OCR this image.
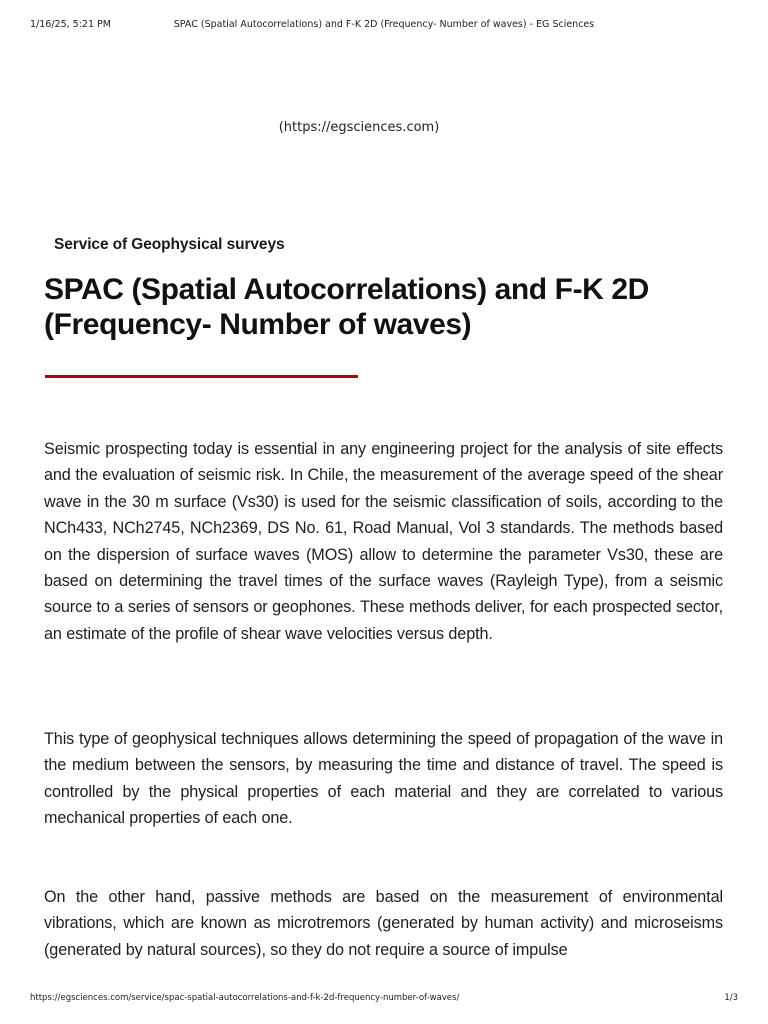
1/16/25, 5:21 PM	SPAC (Spatial Autocorrelations) and F-K 2D (Frequency- Number of waves) - EG Sciences
(https://egsciences.com)
Service of Geophysical surveys
SPAC (Spatial Autocorrelations) and F-K 2D (Frequency- Number of waves)

Seismic prospecting today is essential in any engineering project for the analysis of site effects and the evaluation of seismic risk. In Chile, the measurement of the average speed of the shear wave in the 30 m surface (Vs30) is used for the seismic classification of soils, according to the NCh433, NCh2745, NCh2369, DS No. 61, Road Manual, Vol 3 standards. The methods based on the dispersion of surface waves (MOS) allow to determine the parameter Vs30, these are based on determining the travel times of the surface waves (Rayleigh Type), from a seismic source to a series of sensors or geophones. These methods deliver, for each prospected sector, an estimate of the profile of shear wave velocities versus depth.

This type of geophysical techniques allows determining the speed of propagation of the wave in the medium between the sensors, by measuring the time and distance of travel. The speed is controlled by the physical properties of each material and they are correlated to various mechanical properties of each one.

On the other hand, passive methods are based on the measurement of environmental vibrations, which are known as microtremors (generated by human activity) and microseisms (generated by natural sources), so they do not require a source of impulse

https://egsciences.com/service/spac-spatial-autocorrelations-and-f-k-2d-frequency-number-of-waves/	1/3
